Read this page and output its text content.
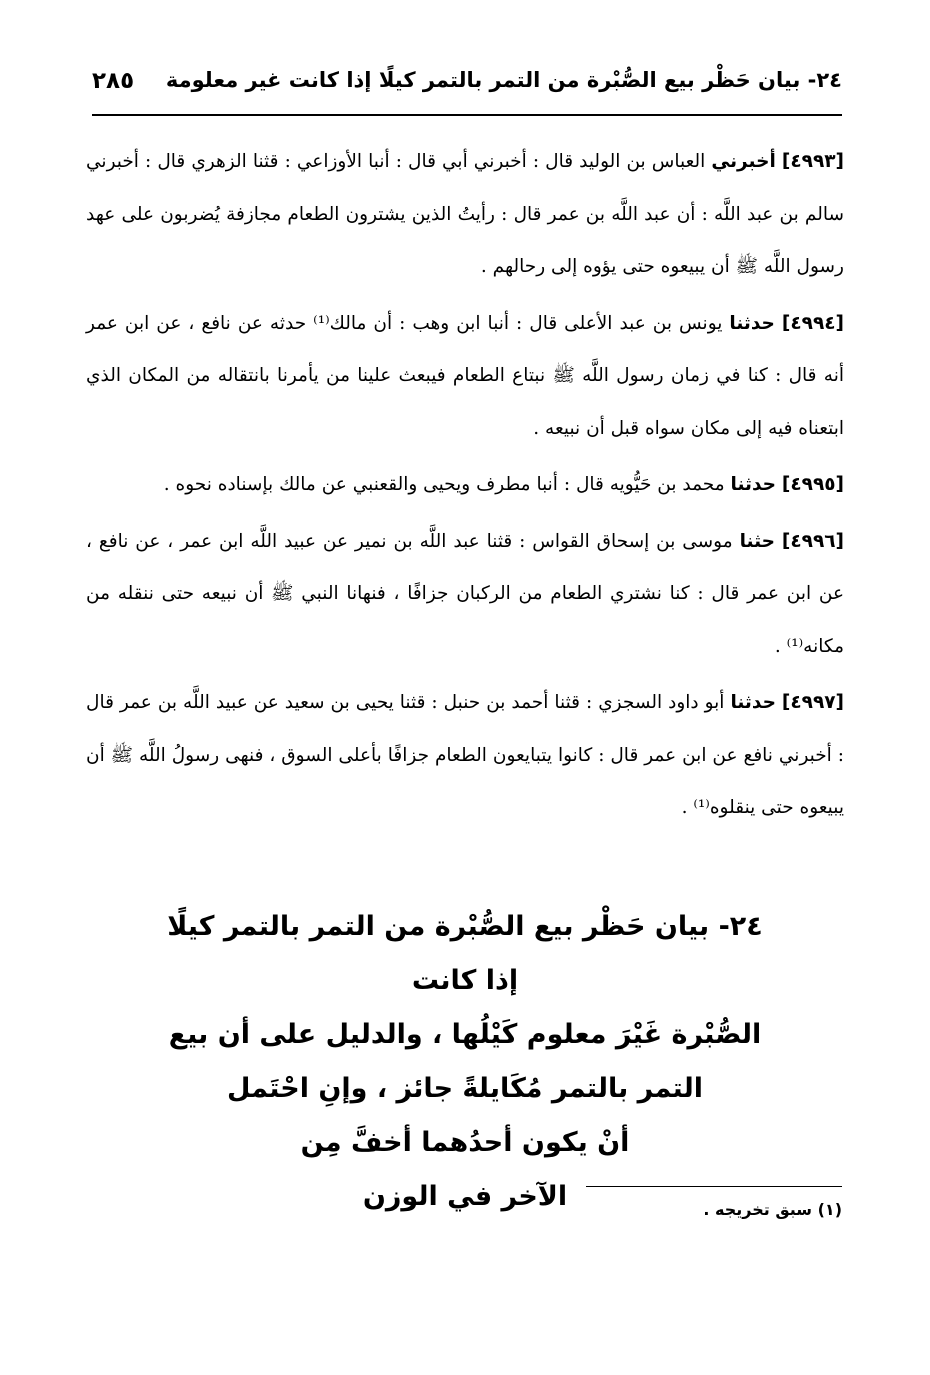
٢٤- بيان حَظْر بيع الصُّبْرة من التمر بالتمر كيلًا إذا كانت غير معلومة
٢٨٥

[٤٩٩٣] أخبرني العباس بن الوليد قال : أخبرني أبي قال : أنبا الأوزاعي : قثنا الزهري قال : أخبرني سالم بن عبد اللَّه : أن عبد اللَّه بن عمر قال : رأيتُ الذين يشترون الطعام مجازفة يُضربون على عهد رسول اللَّه ﷺ أن يبيعوه حتى يؤوه إلى رحالهم .

[٤٩٩٤] حدثنا يونس بن عبد الأعلى قال : أنبا ابن وهب : أن مالك⁽¹⁾ حدثه عن نافع ، عن ابن عمر أنه قال : كنا في زمان رسول اللَّه ﷺ نبتاع الطعام فيبعث علينا من يأمرنا بانتقاله من المكان الذي ابتعناه فيه إلى مكان سواه قبل أن نبيعه .

[٤٩٩٥] حدثنا محمد بن حَيُّويه قال : أنبا مطرف ويحيى والقعنبي عن مالك بإسناده نحوه .

[٤٩٩٦] حثنا موسى بن إسحاق القواس : قثنا عبد اللَّه بن نمير عن عبيد اللَّه ابن عمر ، عن نافع ، عن ابن عمر قال : كنا نشتري الطعام من الركبان جزافًا ، فنهانا النبي ﷺ أن نبيعه حتى ننقله من مكانه⁽¹⁾ .

[٤٩٩٧] حدثنا أبو داود السجزي : قثنا أحمد بن حنبل : قثنا يحيى بن سعيد عن عبيد اللَّه بن عمر قال : أخبرني نافع عن ابن عمر قال : كانوا يتبايعون الطعام جزافًا بأعلى السوق ، فنهى رسولُ اللَّه ﷺ أن يبيعوه حتى ينقلوه⁽¹⁾ .

٢٤- بيان حَظْر بيع الصُّبْرة من التمر بالتمر كيلًا إذا كانت
الصُّبْرة غَيْرَ معلوم كَيْلُها ، والدليل على أن بيع
التمر بالتمر مُكَايلةً جائز ، وإنِ احْتَمل
أنْ يكون أحدُهما أخفَّ مِن
الآخر في الوزن	(١) سبق تخريجه .
